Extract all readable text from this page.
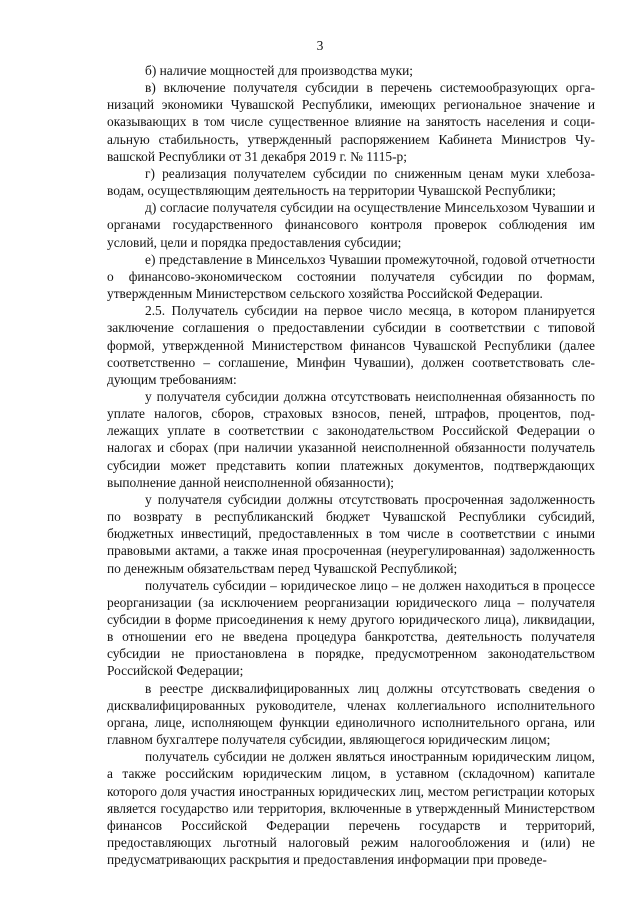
3

б) наличие мощностей для производства муки;

в) включение получателя субсидии в перечень системообразующих организаций экономики Чувашской Республики, имеющих региональное значение и оказывающих в том числе существенное влияние на занятость населения и социальную стабильность, утвержденный распоряжением Кабинета Министров Чувашской Республики от 31 декабря 2019 г. № 1115-р;

г) реализация получателем субсидии по сниженным ценам муки хлебозаводам, осуществляющим деятельность на территории Чувашской Республики;

д) согласие получателя субсидии на осуществление Минсельхозом Чувашии и органами государственного финансового контроля проверок соблюдения им условий, цели и порядка предоставления субсидии;

е) представление в Минсельхоз Чувашии промежуточной, годовой отчетности о финансово-экономическом состоянии получателя субсидии по формам, утвержденным Министерством сельского хозяйства Российской Федерации.

2.5. Получатель субсидии на первое число месяца, в котором планируется заключение соглашения о предоставлении субсидии в соответствии с типовой формой, утвержденной Министерством финансов Чувашской Республики (далее соответственно – соглашение, Минфин Чувашии), должен соответствовать следующим требованиям:

у получателя субсидии должна отсутствовать неисполненная обязанность по уплате налогов, сборов, страховых взносов, пеней, штрафов, процентов, подлежащих уплате в соответствии с законодательством Российской Федерации о налогах и сборах (при наличии указанной неисполненной обязанности получатель субсидии может представить копии платежных документов, подтверждающих выполнение данной неисполненной обязанности);

у получателя субсидии должны отсутствовать просроченная задолженность по возврату в республиканский бюджет Чувашской Республики субсидий, бюджетных инвестиций, предоставленных в том числе в соответствии с иными правовыми актами, а также иная просроченная (неурегулированная) задолженность по денежным обязательствам перед Чувашской Республикой;

получатель субсидии – юридическое лицо – не должен находиться в процессе реорганизации (за исключением реорганизации юридического лица – получателя субсидии в форме присоединения к нему другого юридического лица), ликвидации, в отношении его не введена процедура банкротства, деятельность получателя субсидии не приостановлена в порядке, предусмотренном законодательством Российской Федерации;

в реестре дисквалифицированных лиц должны отсутствовать сведения о дисквалифицированных руководителе, членах коллегиального исполнительного органа, лице, исполняющем функции единоличного исполнительного органа, или главном бухгалтере получателя субсидии, являющегося юридическим лицом;

получатель субсидии не должен являться иностранным юридическим лицом, а также российским юридическим лицом, в уставном (складочном) капитале которого доля участия иностранных юридических лиц, местом регистрации которых является государство или территория, включенные в утвержденный Министерством финансов Российской Федерации перечень государств и территорий, предоставляющих льготный налоговый режим налогообложения и (или) не предусматривающих раскрытия и предоставления информации при проведе-
